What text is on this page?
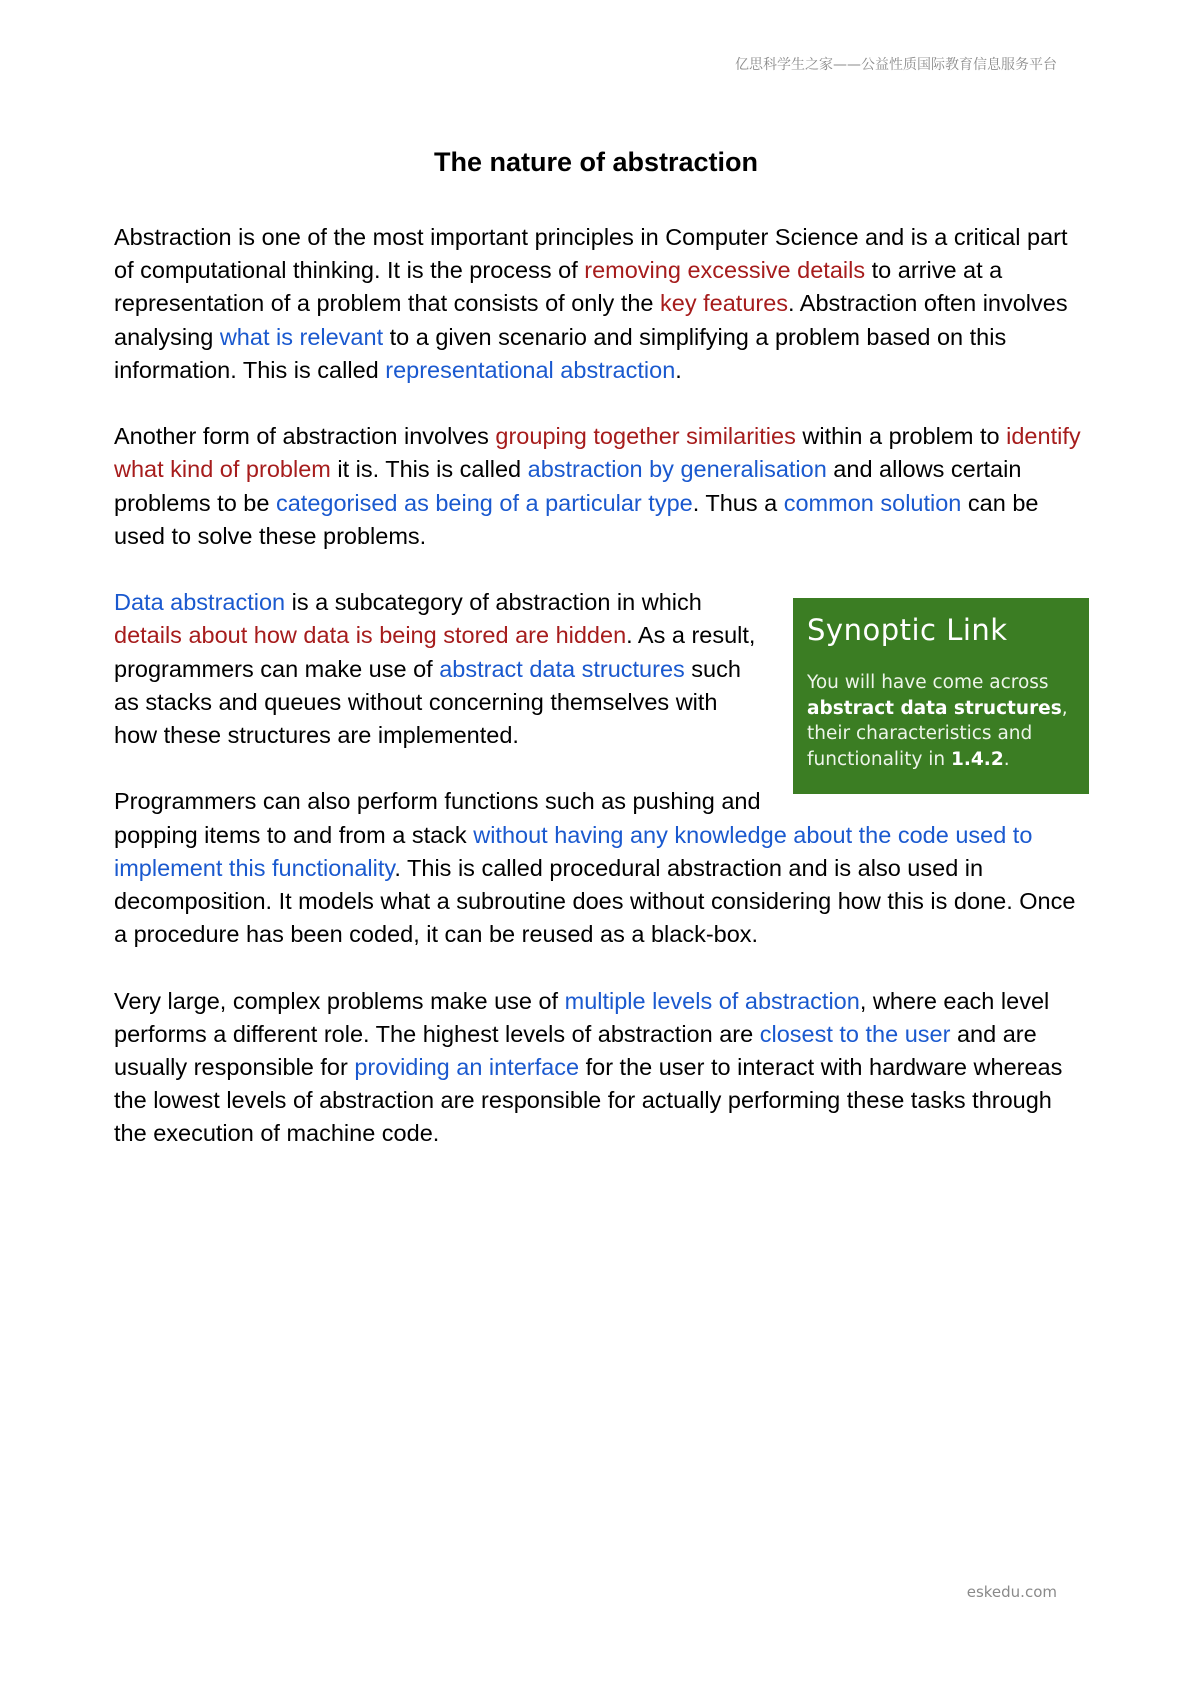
亿思科学生之家——公益性质国际教育信息服务平台
The nature of abstraction

Abstraction is one of the most important principles in Computer Science and is a critical part of computational thinking. It is the process of removing excessive details to arrive at a representation of a problem that consists of only the key features. Abstraction often involves analysing what is relevant to a given scenario and simplifying a problem based on this information. This is called representational abstraction.

Another form of abstraction involves grouping together similarities within a problem to identify what kind of problem it is. This is called abstraction by generalisation and allows certain problems to be categorised as being of a particular type. Thus a common solution can be used to solve these problems.

Synoptic Link
You will have come across abstract data structures, their characteristics and functionality in 1.4.2.

Data abstraction is a subcategory of abstraction in which details about how data is being stored are hidden. As a result, programmers can make use of abstract data structures such as stacks and queues without concerning themselves with how these structures are implemented.

Programmers can also perform functions such as pushing and popping items to and from a stack without having any knowledge about the code used to implement this functionality. This is called procedural abstraction and is also used in decomposition. It models what a subroutine does without considering how this is done. Once a procedure has been coded, it can be reused as a black-box.

Very large, complex problems make use of multiple levels of abstraction, where each level performs a different role. The highest levels of abstraction are closest to the user and are usually responsible for providing an interface for the user to interact with hardware whereas the lowest levels of abstraction are responsible for actually performing these tasks through the execution of machine code.

eskedu.com
